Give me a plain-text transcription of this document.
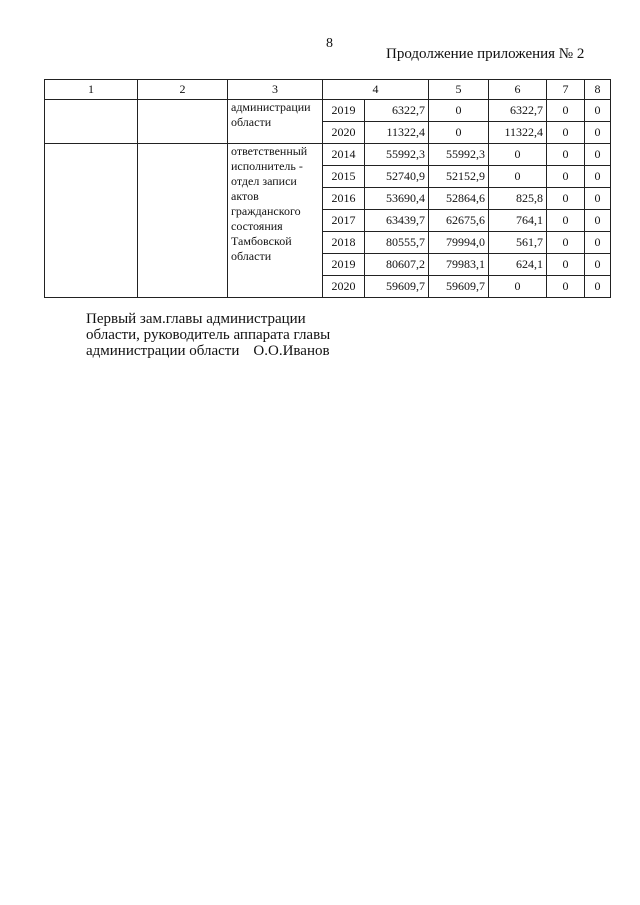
8
Продолжение приложения № 2
1	2	3	4		5	6	7	8
		администрации области	2019	6322,7	0	6322,7	0	0
			2020	11322,4	0	11322,4	0	0
		ответственный исполнитель - отдел записи актов гражданского состояния Тамбовской области	2014	55992,3	55992,3	0	0	0
			2015	52740,9	52152,9	0	0	0
			2016	53690,4	52864,6	825,8	0	0
			2017	63439,7	62675,6	764,1	0	0
			2018	80555,7	79994,0	561,7	0	0
			2019	80607,2	79983,1	624,1	0	0
			2020	59609,7	59609,7	0	0	0
Первый зам.главы администрации
области, руководитель аппарата главы
администрации области О.О.Иванов
